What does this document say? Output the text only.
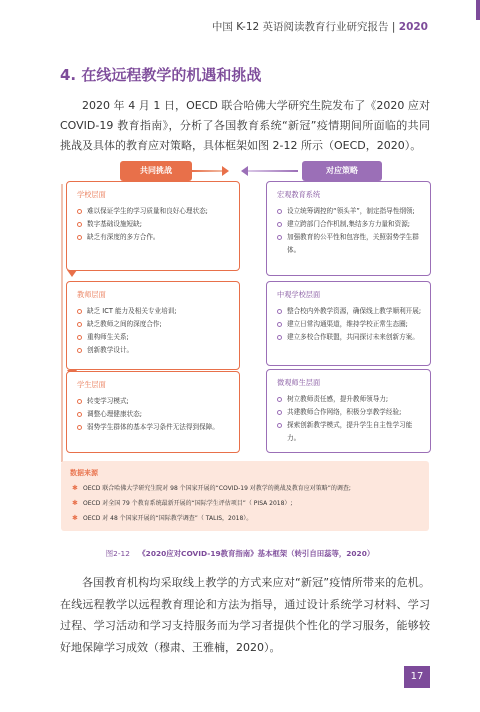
中国 K-12 英语阅读教育行业研究报告 | 2020
4. 在线远程教学的机遇和挑战
2020 年 4 月 1 日，OECD 联合哈佛大学研究生院发布了《2020 应对 COVID-19 教育指南》，分析了各国教育系统“新冠”疫情期间所面临的共同挑战及具体的教育应对策略，具体框架如图 2-12 所示（OECD，2020）。
共同挑战	对应策略
学校层面
难以保证学生的学习质量和良好心理状态;
数字基础设施短缺;
缺乏有深度的多方合作。
教师层面
缺乏 ICT 能力及相关专业培训;
缺乏教师之间的深度合作;
重构师生关系;
创新教学设计。
学生层面
转变学习模式;
调整心理健康状态;
弱势学生群体的基本学习条件无法得到保障。
宏观教育系统
设立统筹调控的“领头羊”，制定指导性纲领;
建立跨部门合作机制,集结多方力量和资源;
加强教育的公平性和包容性，关照弱势学生群体。
中观学校层面
整合校内外教学资源，确保线上教学顺利开展;
建立日常沟通渠道，维持学校正常生态圈;
建立多校合作联盟，共同探讨未来创新方案。
微观师生层面
树立教师责任感，提升教师领导力;
共建教师合作网络，积极分享教学经验;
探索创新教学模式，提升学生自主性学习能力。
数据来源
✱ OECD 联合哈佛大学研究生院对 98 个国家开展的“COVID-19 对教学的挑战及教育应对策略”的调查;
✱ OECD 对全国 79 个教育系统最新开展的“国际学生评估项目”（ PISA 2018）;
✱ OECD 对 48 个国家开展的“国际教学调查”（ TALIS，2018）。
图2-12 《2020应对COVID-19教育指南》基本框架（转引自田蕊等，2020）
各国教育机构均采取线上教学的方式来应对“新冠”疫情所带来的危机。在线远程教学以远程教育理论和方法为指导，通过设计系统学习材料、学习过程、学习活动和学习支持服务而为学习者提供个性化的学习服务，能够较好地保障学习成效（穆肃、王雅楠，2020）。
17
